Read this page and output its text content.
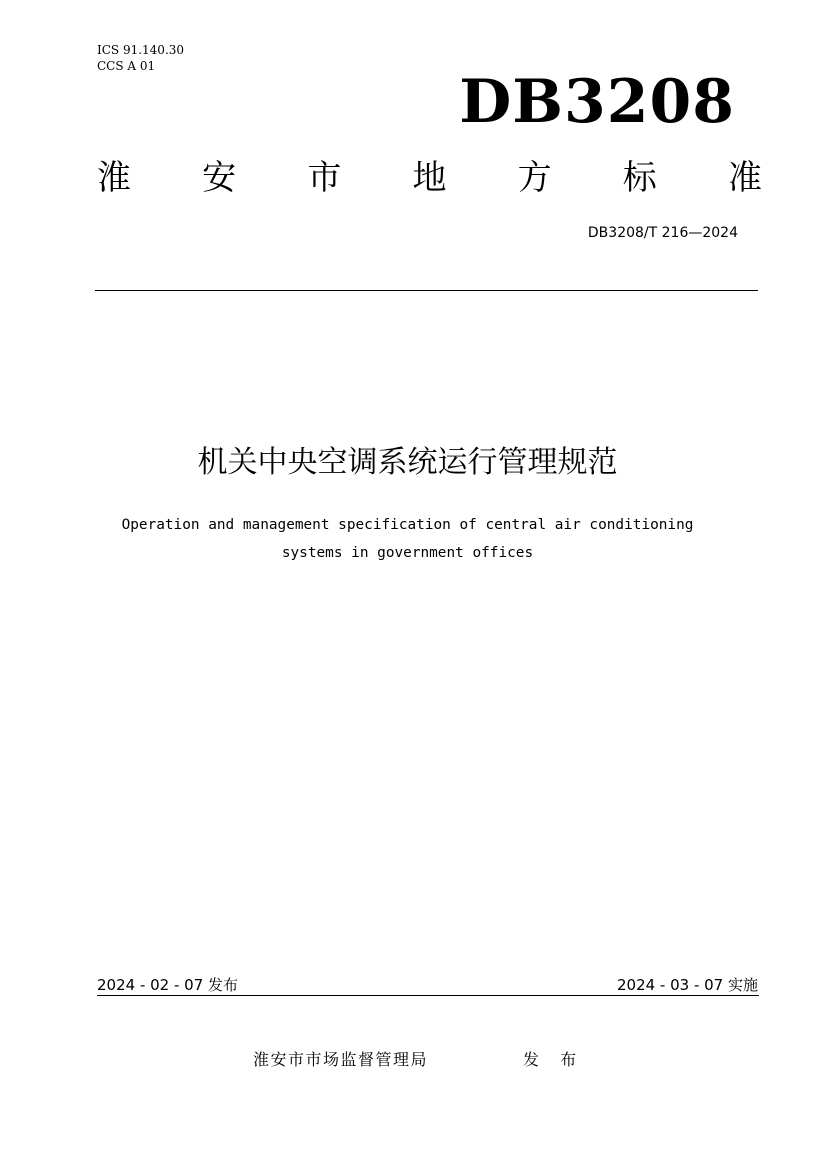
ICS 91.140.30
CCS A 01
DB3208
淮 安 市 地 方 标 准
DB3208/T 216—2024
机关中央空调系统运行管理规范
Operation and management specification of central air conditioning
systems in government offices
2024 - 02 - 07 发布	2024 - 03 - 07 实施
淮安市市场监督管理局	发 布
